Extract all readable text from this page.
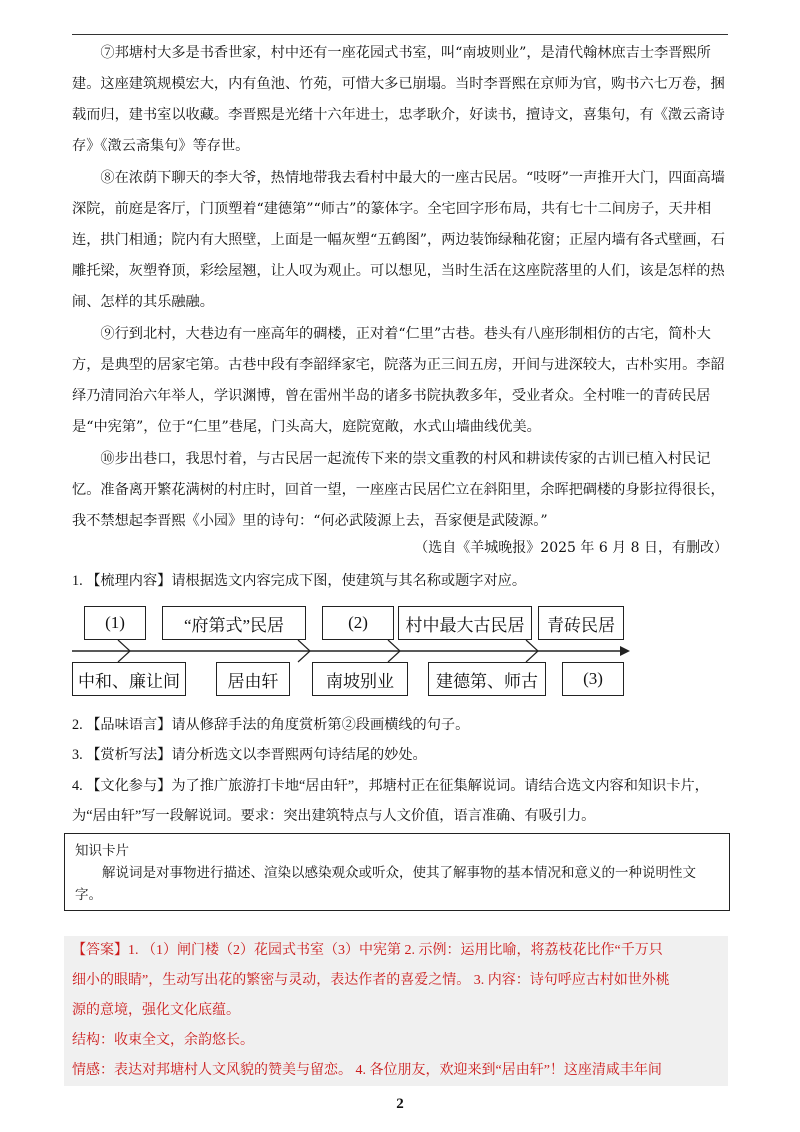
⑦邦塘村大多是书香世家，村中还有一座花园式书室，叫“南坡则业”，是清代翰林庶吉士李晋熙所建。这座建筑规模宏大，内有鱼池、竹苑，可惜大多已崩塌。当时李晋熙在京师为官，购书六七万卷，捆载而归，建书室以收藏。李晋熙是光绪十六年进士，忠孝耿介，好读书，擅诗文，喜集句，有《澂云斋诗存》《澂云斋集句》等存世。

⑧在浓荫下聊天的李大爷，热情地带我去看村中最大的一座古民居。“吱呀”一声推开大门，四面高墙深院，前庭是客厅，门顶塑着“建德第”“师古”的篆体字。全宅回字形布局，共有七十二间房子，天井相连，拱门相通；院内有大照壁，上面是一幅灰塑“五鹤图”，两边装饰绿釉花窗；正屋内墙有各式壁画，石雕托梁，灰塑脊顶，彩绘屋翘，让人叹为观止。可以想见，当时生活在这座院落里的人们，该是怎样的热闹、怎样的其乐融融。

⑨行到北村，大巷边有一座高年的碉楼，正对着“仁里”古巷。巷头有八座形制相仿的古宅，简朴大方，是典型的居家宅第。古巷中段有李韶绎家宅，院落为正三间五房，开间与进深较大，古朴实用。李韶绎乃清同治六年举人，学识渊博，曾在雷州半岛的诸多书院执教多年，受业者众。全村唯一的青砖民居是“中宪第”，位于“仁里”巷尾，门头高大，庭院宽敞，水式山墙曲线优美。

⑩步出巷口，我思忖着，与古民居一起流传下来的崇文重教的村风和耕读传家的古训已植入村民记忆。准备离开繁花满树的村庄时，回首一望，一座座古民居伫立在斜阳里，余晖把碉楼的身影拉得很长，我不禁想起李晋熙《小园》里的诗句：“何必武陵源上去，吾家便是武陵源。”

（选自《羊城晚报》2025 年 6 月 8 日，有删改）

1. 【梳理内容】请根据选文内容完成下图，使建筑与其名称或题字对应。

(1)	“府第式”民居	(2)	村中最大古民居	青砖民居
中和、廉让间	居由轩	南坡别业	建德第、师古	(3)

2. 【品味语言】请从修辞手法的角度赏析第②段画横线的句子。

3. 【赏析写法】请分析选文以李晋熙两句诗结尾的妙处。

4. 【文化参与】为了推广旅游打卡地“居由轩”，邦塘村正在征集解说词。请结合选文内容和知识卡片，

为“居由轩”写一段解说词。要求：突出建筑特点与人文价值，语言准确、有吸引力。

知识卡片
解说词是对事物进行描述、渲染以感染观众或听众，使其了解事物的基本情况和意义的一种说明性文字。

【答案】1. （1）闸门楼（2）花园式书室（3）中宪第 2. 示例：运用比喻，将荔枝花比作“千万只

细小的眼睛”，生动写出花的繁密与灵动，表达作者的喜爱之情。 3. 内容：诗句呼应古村如世外桃

源的意境，强化文化底蕴。

结构：收束全文，余韵悠长。

情感：表达对邦塘村人文风貌的赞美与留恋。 4. 各位朋友，欢迎来到“居由轩”！这座清咸丰年间

2
